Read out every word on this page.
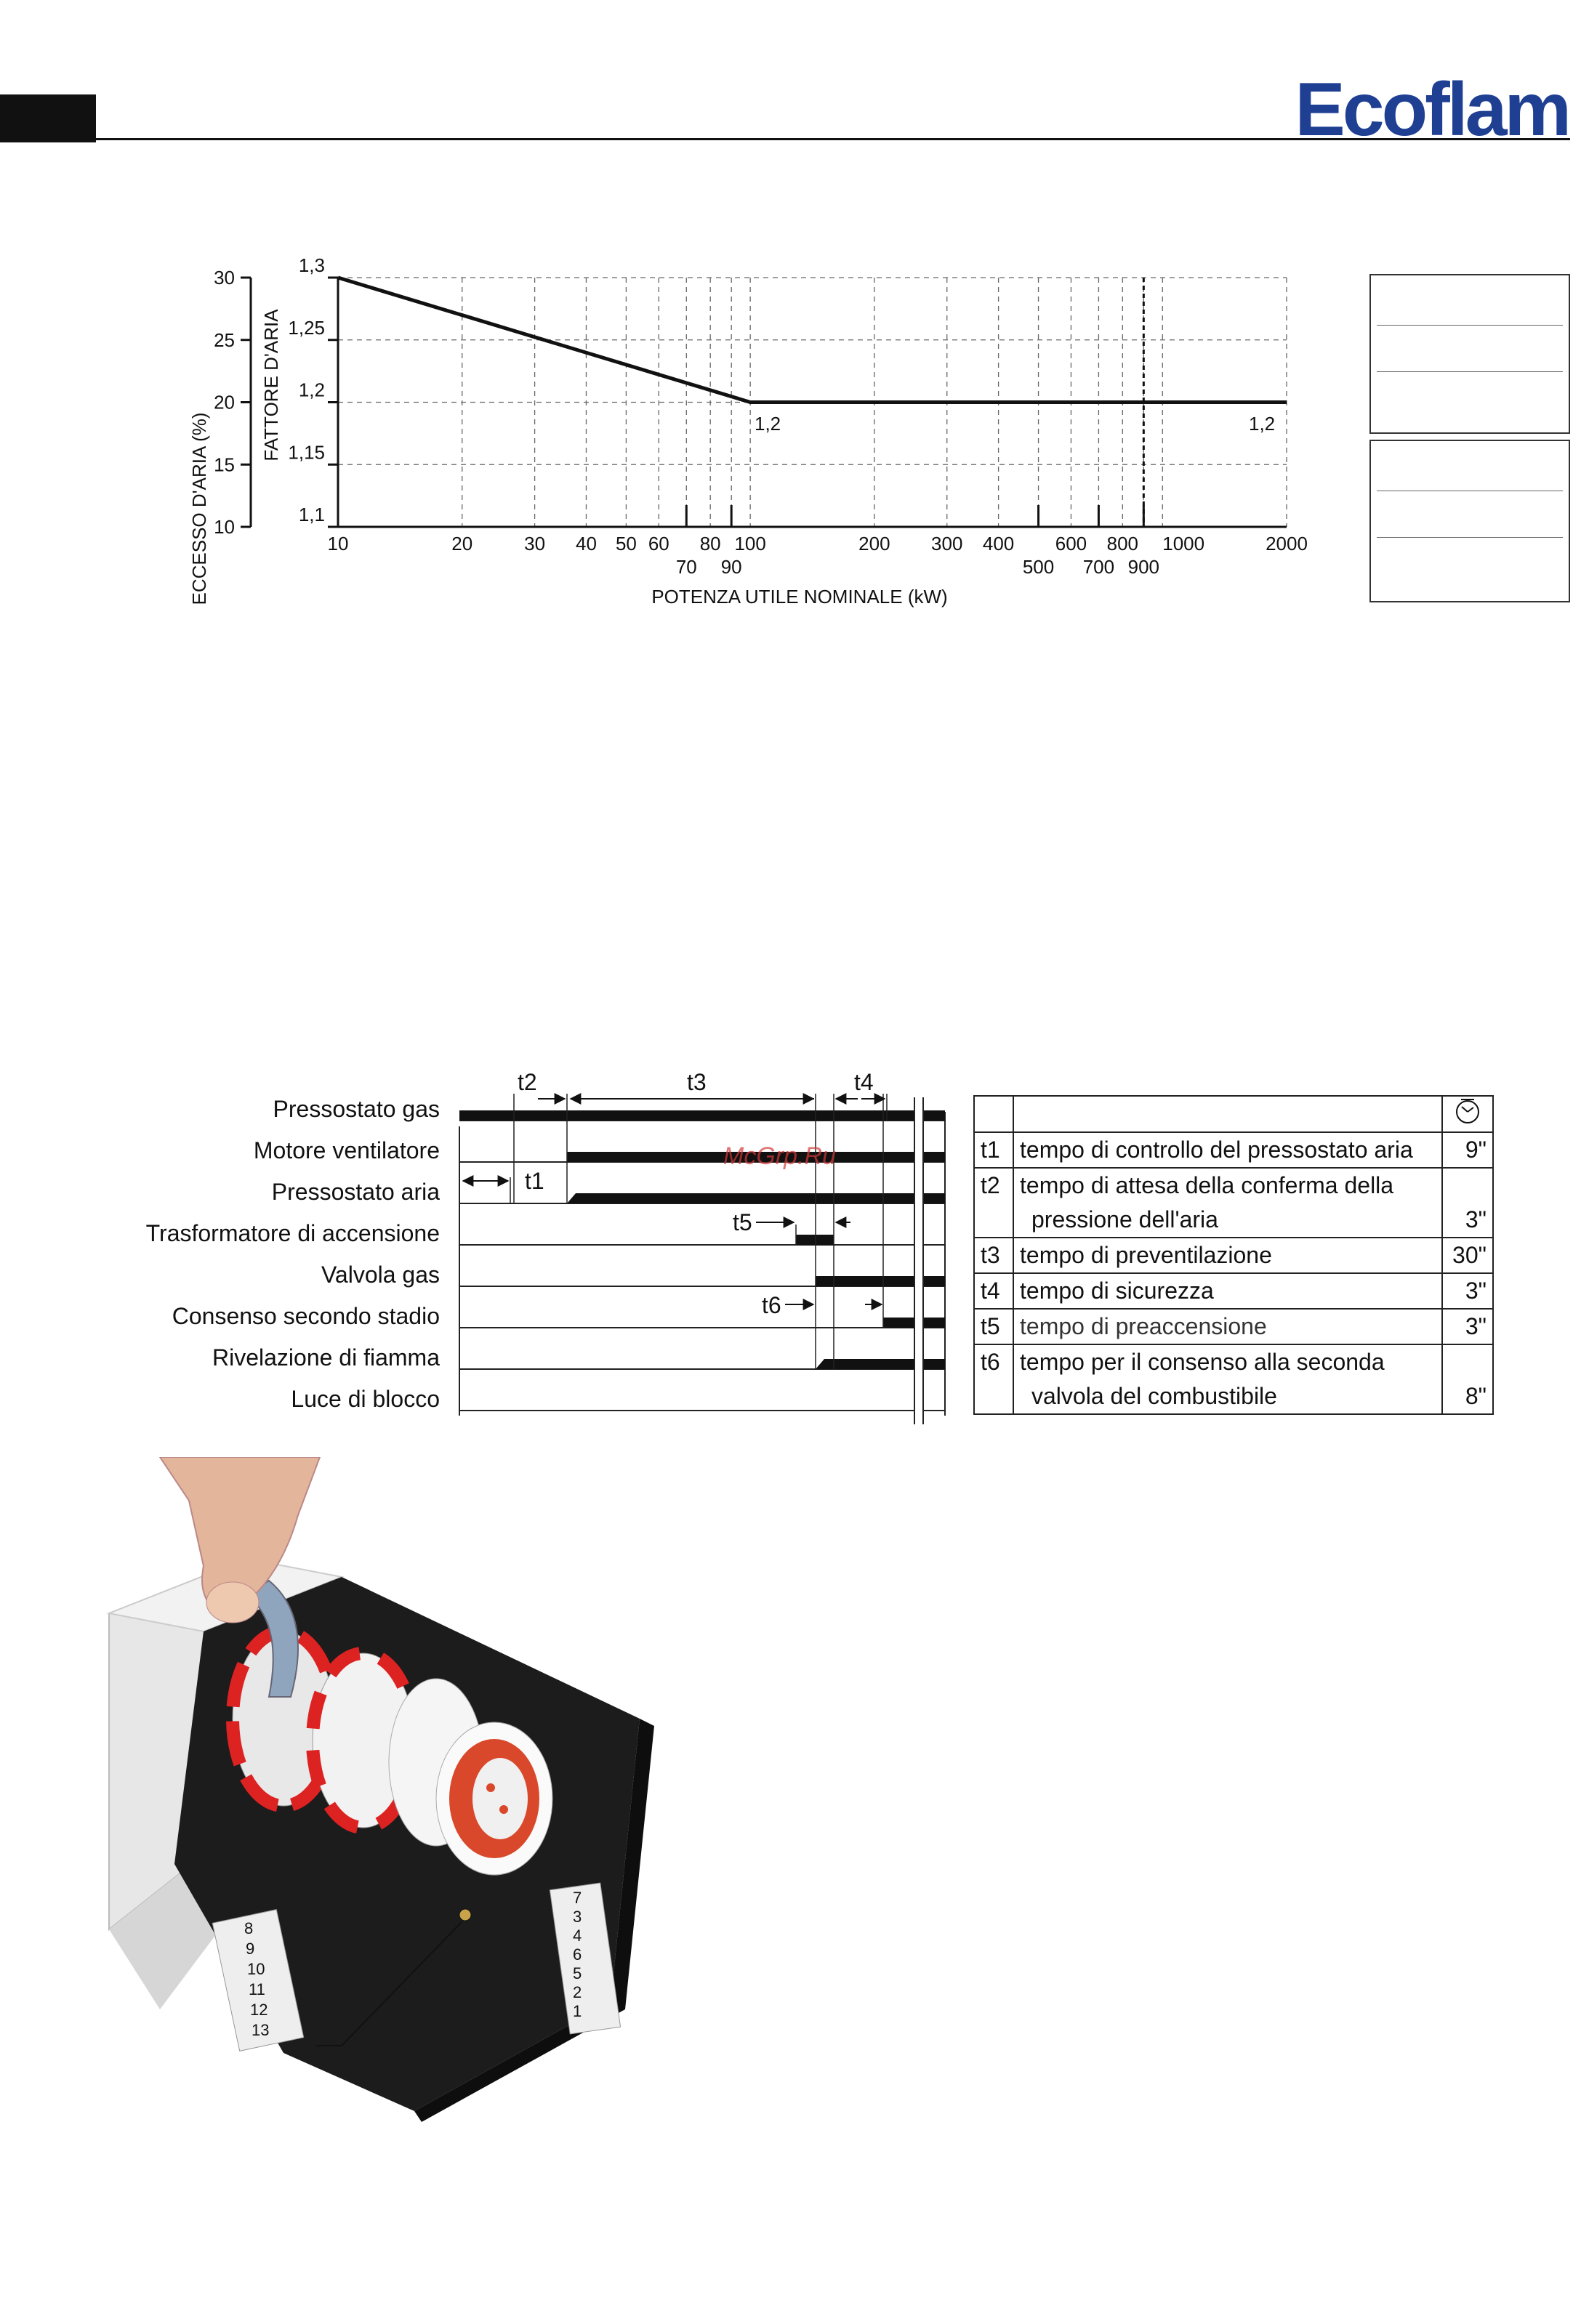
Ecoflam
1,1
10
1,15
15
1,2
20
1,25
25
1,3
30
10	20	30 40 50 60 80 100	200 300 400 600 800 1000	2000
70 90	500 700 900
ECCESSO D'ARIA (%)
FATTORE D'ARIA
POTENZA UTILE NOMINALE (kW)
1,2	1,2
Pressostato gas
Motore ventilatore
Pressostato aria
Trasformatore di accensione
Valvola gas
Consenso secondo stadio
Rivelazione di fiamma
Luce di blocco
t2	t3	t4
t1
t5
t6
McGrp.Ru
			t1	tempo di controllo del pressostato aria	9"
t2	tempo di attesa della conferma della	
	pressione dell'aria	3"
t3	tempo di preventilazione	30"
t4	tempo di sicurezza	3"
t5	tempo di preaccensione	3"
t6	tempo per il consenso alla seconda	
	valvola del combustibile	8"
8
9
10
11
12
13
7
3
4
6
5
2
1
